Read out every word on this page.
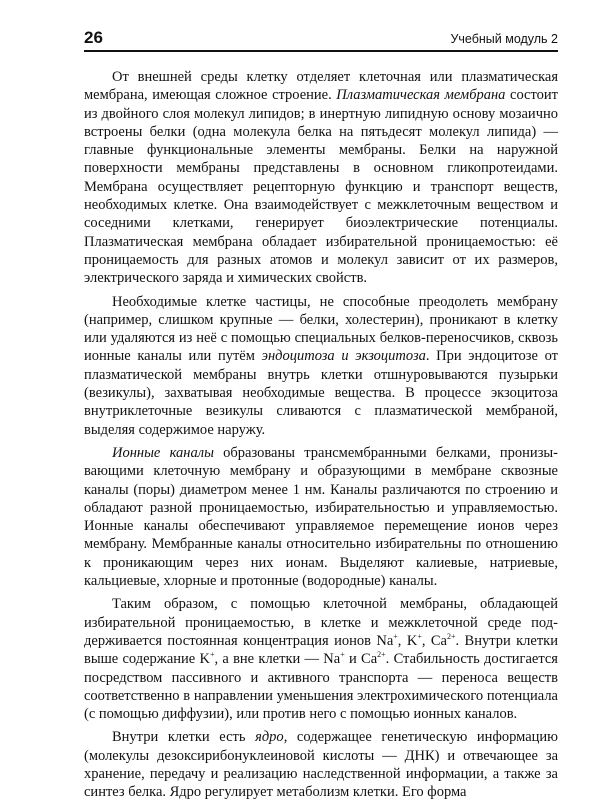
26	Учебный модуль 2

От внешней среды клетку отделяет клеточная или плазматическая мембрана, имеющая сложное строение. Плазматическая мембрана состоит из двойного слоя молекул липидов; в инертную липидную основу мозаично встроены белки (одна молекула белка на пятьдесят молекул липида) — главные функциональные элементы мембраны. Белки на наружной поверхности мембраны представлены в основном гликопротеидами. Мембрана осуществляет рецепторную функцию и транспорт веществ, необходимых клетке. Она взаимодействует с межклеточным веществом и соседними клетками, генерирует биоэлектрические потенциалы. Плазматическая мембрана обладает избирательной проницаемостью: её проницаемость для разных атомов и молекул зависит от их размеров, электрического заряда и химических свойств.

Необходимые клетке частицы, не способные преодолеть мембрану (например, слишком крупные — белки, холестерин), проникают в клетку или удаляются из неё с помощью специальных белков-переносчиков, сквозь ионные каналы или путём эндоцитоза и экзоцитоза. При эндоцитозе от плазматической мембраны внутрь клетки отшнуровываются пузырьки (везикулы), захватывая необходимые вещества. В процессе экзоцитоза внутриклеточные везикулы сливаются с плазматической мембраной, выделяя содержимое наружу.

Ионные каналы образованы трансмембранными белками, пронизывающими клеточную мембрану и образующими в мембране сквозные каналы (поры) диаметром менее 1 нм. Каналы различаются по строению и обладают разной проницаемостью, избирательностью и управляемостью. Ионные каналы обеспечивают управляемое перемещение ионов через мембрану. Мембранные каналы относительно избирательны по отношению к проникающим через них ионам. Выделяют калиевые, натриевые, кальциевые, хлорные и протонные (водородные) каналы.

Таким образом, с помощью клеточной мембраны, обладающей избирательной проницаемостью, в клетке и межклеточной среде поддерживается постоянная концентрация ионов Na+, K+, $Ca^{2+}$. Внутри клетки выше содержание K+, а вне клетки — Na+ и $Ca^{2+}$. Стабильность достигается посредством пассивного и активного транспорта — переноса веществ соответственно в направлении уменьшения электрохимического потенциала (с помощью диффузии), или против него с помощью ионных каналов.

Внутри клетки есть ядро, содержащее генетическую информацию (молекулы дезоксирибонуклеиновой кислоты — ДНК) и отвечающее за хранение, передачу и реализацию наследственной информации, а также за синтез белка. Ядро регулирует метаболизм клетки. Его форма
